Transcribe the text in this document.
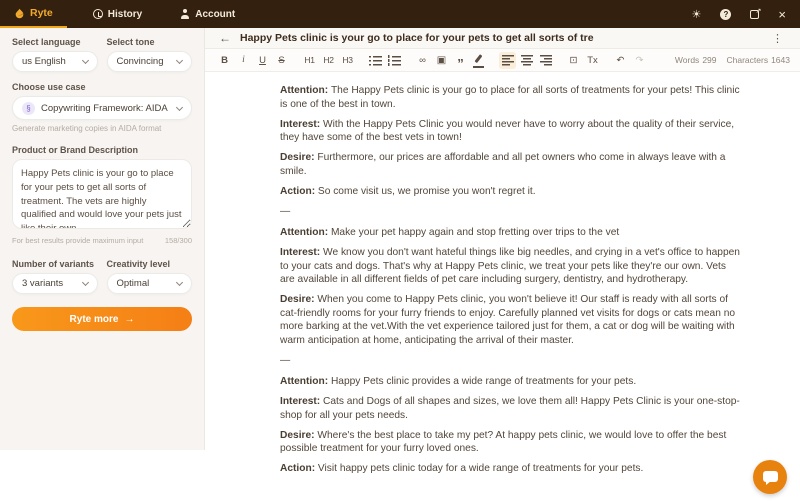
Ryte	History	Account	☀	? ↗	×
Select language
us English
Select tone
Convincing
Choose use case
§	Copywriting Framework: AIDA
Generate marketing copies in AIDA format
Product or Brand Description
Happy Pets clinic is your go to place for your pets to get all sorts of treatment. The vets are highly qualified and would love your pets just like their own.
For best results provide maximum input	158/300
Number of variants
3 variants
Creativity level
Optimal
Ryte more →
← Happy Pets clinic is your go to place for your pets to get all sorts of tre	⋮
B	i	U	S	H1	H2	H3	∞	▣ ”	⊡	Tx	↶	↷	Words 299 Characters 1643

Attention: The Happy Pets clinic is your go to place for all sorts of treatments for your pets! This clinic is one of the best in town.

Interest: With the Happy Pets Clinic you would never have to worry about the quality of their service, they have some of the best vets in town!

Desire: Furthermore, our prices are affordable and all pet owners who come in always leave with a smile.

Action: So come visit us, we promise you won't regret it.

—

Attention: Make your pet happy again and stop fretting over trips to the vet

Interest: We know you don't want hateful things like big needles, and crying in a vet's office to happen to your cats and dogs. That's why at Happy Pets clinic, we treat your pets like they're our own. Vets are available in all different fields of pet care including surgery, dentistry, and hydrotherapy.

Desire: When you come to Happy Pets clinic, you won't believe it! Our staff is ready with all sorts of cat-friendly rooms for your furry friends to enjoy. Carefully planned vet visits for dogs or cats mean no more barking at the vet.With the vet experience tailored just for them, a cat or dog will be waiting with warm anticipation at home, anticipating the arrival of their master.

—

Attention: Happy Pets clinic provides a wide range of treatments for your pets.

Interest: Cats and Dogs of all shapes and sizes, we love them all! Happy Pets Clinic is your one-stop-shop for all your pets needs.

Desire: Where's the best place to take my pet? At happy pets clinic, we would love to offer the best possible treatment for your furry loved ones.

Action: Visit happy pets clinic today for a wide range of treatments for your pets.
